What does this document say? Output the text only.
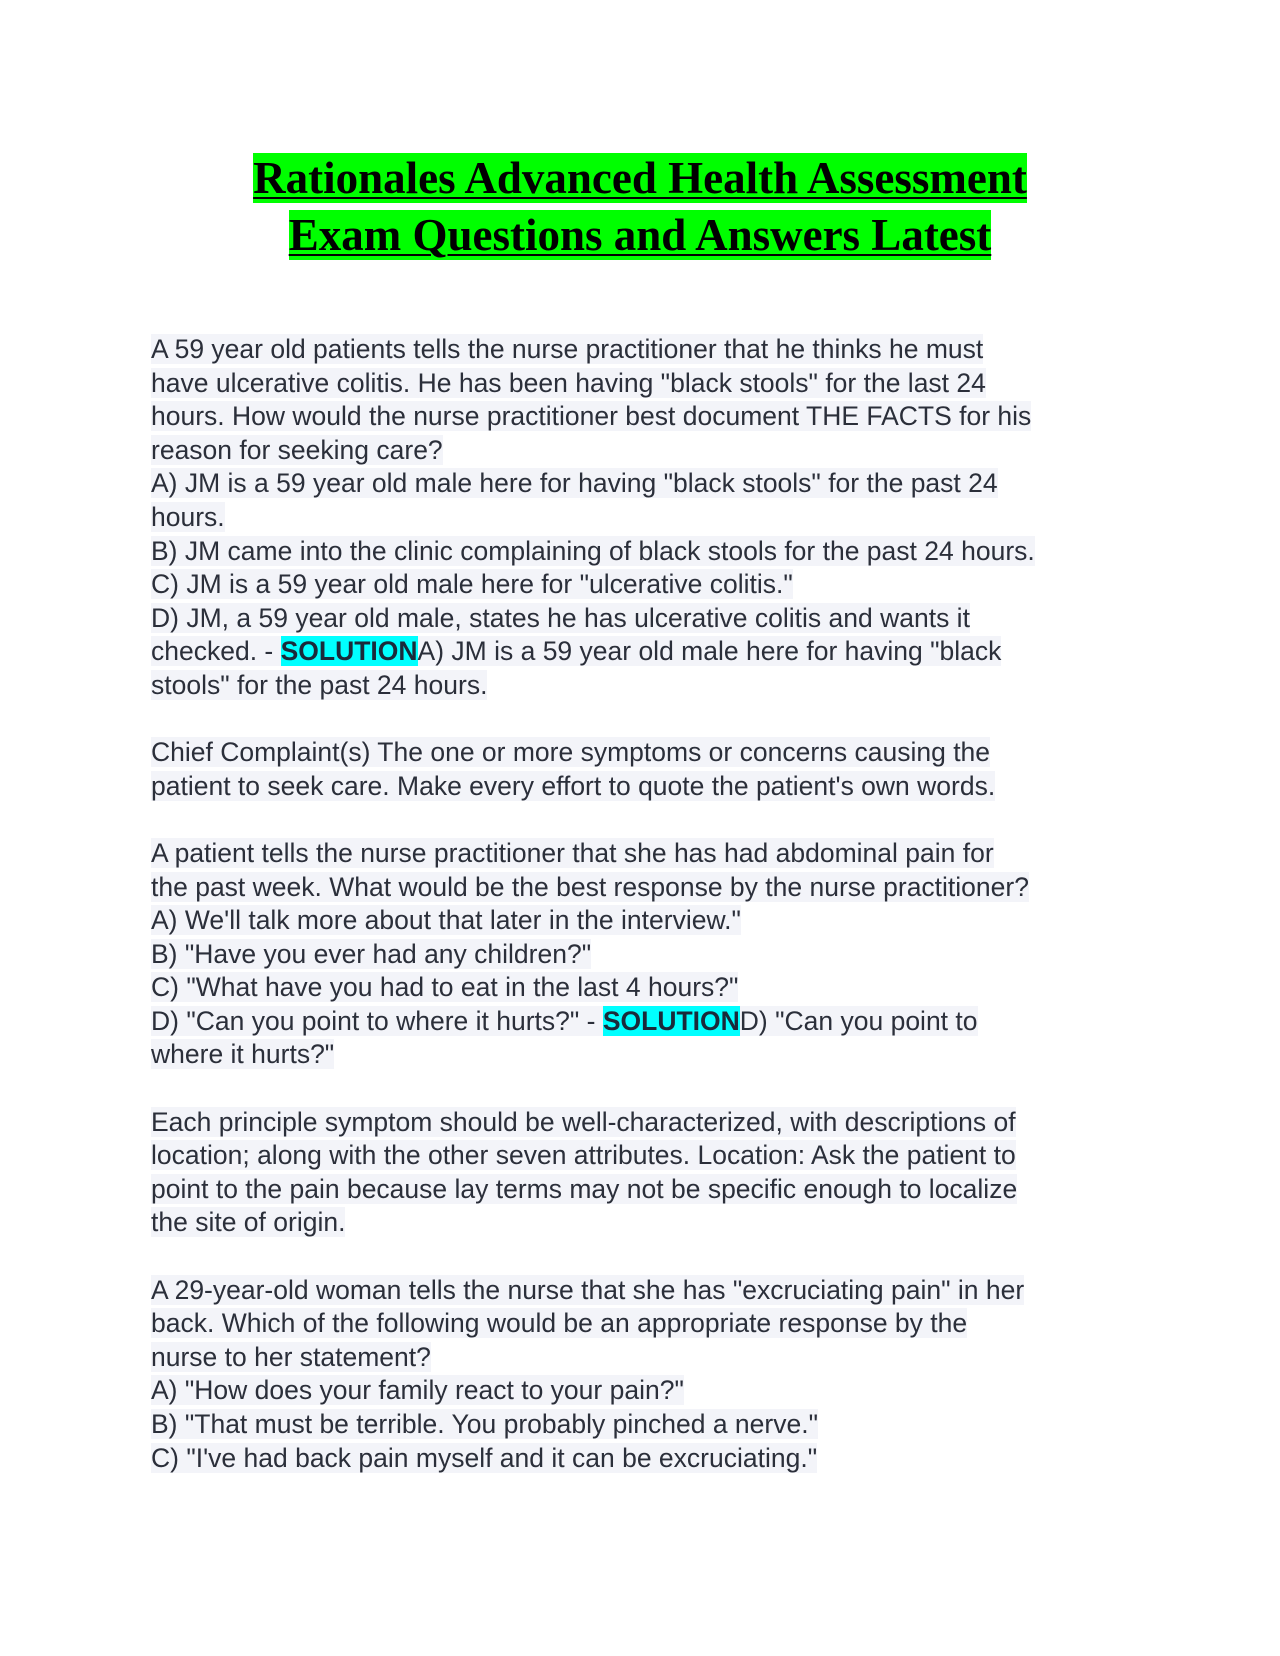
Rationales Advanced Health Assessment
Exam Questions and Answers Latest
A 59 year old patients tells the nurse practitioner that he thinks he must
have ulcerative colitis. He has been having "black stools" for the last 24
hours. How would the nurse practitioner best document THE FACTS for his
reason for seeking care?
A) JM is a 59 year old male here for having "black stools" for the past 24
hours.
B) JM came into the clinic complaining of black stools for the past 24 hours.
C) JM is a 59 year old male here for "ulcerative colitis."
D) JM, a 59 year old male, states he has ulcerative colitis and wants it
checked. - SOLUTIONA) JM is a 59 year old male here for having "black
stools" for the past 24 hours.
Chief Complaint(s) The one or more symptoms or concerns causing the
patient to seek care. Make every effort to quote the patient's own words.
A patient tells the nurse practitioner that she has had abdominal pain for
the past week. What would be the best response by the nurse practitioner?
A) We'll talk more about that later in the interview."
B) "Have you ever had any children?"
C) "What have you had to eat in the last 4 hours?"
D) "Can you point to where it hurts?" - SOLUTIOND) "Can you point to
where it hurts?"
Each principle symptom should be well-characterized, with descriptions of
location; along with the other seven attributes. Location: Ask the patient to
point to the pain because lay terms may not be specific enough to localize
the site of origin.
A 29-year-old woman tells the nurse that she has "excruciating pain" in her
back. Which of the following would be an appropriate response by the
nurse to her statement?
A) "How does your family react to your pain?"
B) "That must be terrible. You probably pinched a nerve."
C) "I've had back pain myself and it can be excruciating."
